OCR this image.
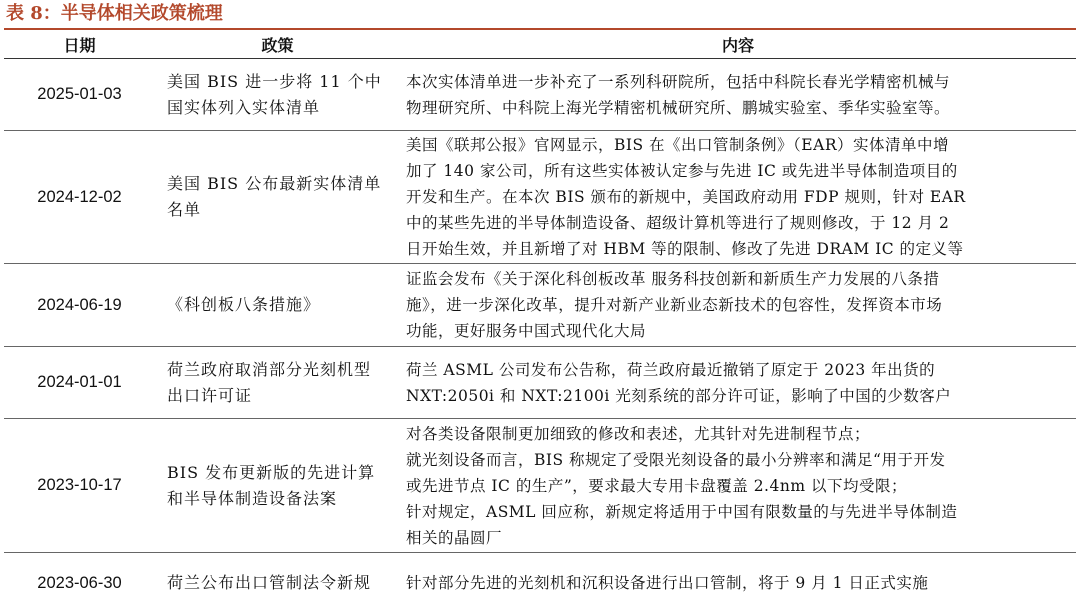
表 8：半导体相关政策梳理
日期	政策	内容
2025-01-03	美国 BIS 进一步将 11 个中国实体列入实体清单	本次实体清单进一步补充了一系列科研院所，包括中科院长春光学精密机械与
物理研究所、中科院上海光学精密机械研究所、鹏城实验室、季华实验室等。

2024-12-02	美国 BIS 公布最新实体清单名单	美国《联邦公报》官网显示，BIS 在《出口管制条例》（EAR）实体清单中增
加了 140 家公司，所有这些实体被认定参与先进 IC 或先进半导体制造项目的
开发和生产。在本次 BIS 颁布的新规中，美国政府动用 FDP 规则，针对 EAR
中的某些先进的半导体制造设备、超级计算机等进行了规则修改，于 12 月 2
日开始生效，并且新增了对 HBM 等的限制、修改了先进 DRAM IC 的定义等

2024-06-19	《科创板八条措施》	证监会发布《关于深化科创板改革 服务科技创新和新质生产力发展的八条措
施》，进一步深化改革，提升对新产业新业态新技术的包容性，发挥资本市场
功能，更好服务中国式现代化大局

2024-01-01	荷兰政府取消部分光刻机型出口许可证	荷兰 ASML 公司发布公告称，荷兰政府最近撤销了原定于 2023 年出货的
NXT:2050i 和 NXT:2100i 光刻系统的部分许可证，影响了中国的少数客户

2023-10-17	BIS 发布更新版的先进计算和半导体制造设备法案	对各类设备限制更加细致的修改和表述，尤其针对先进制程节点；
就光刻设备而言，BIS 称规定了受限光刻设备的最小分辨率和满足“用于开发
或先进节点 IC 的生产”，要求最大专用卡盘覆盖 2.4nm 以下均受限；
针对规定，ASML 回应称，新规定将适用于中国有限数量的与先进半导体制造
相关的晶圆厂

2023-06-30	荷兰公布出口管制法令新规	针对部分先进的光刻机和沉积设备进行出口管制，将于 9 月 1 日正式实施
